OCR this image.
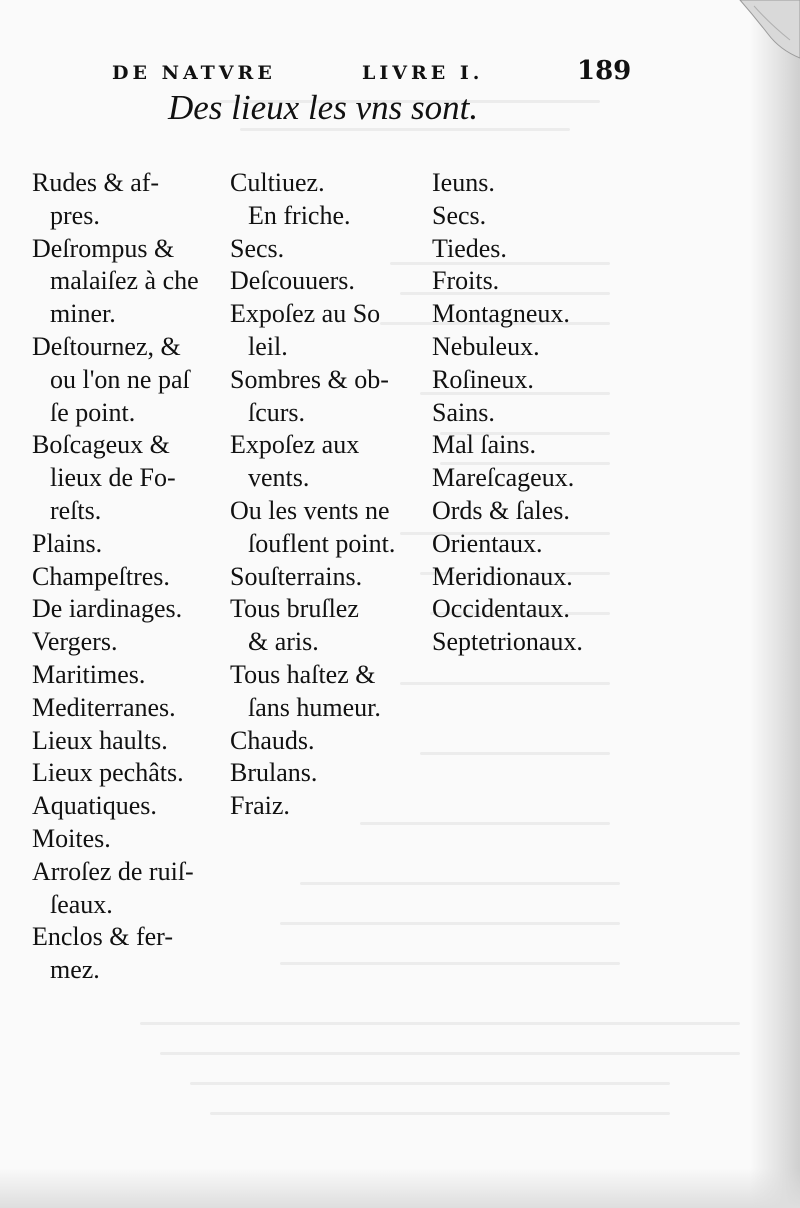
DE NATVRE	LIVRE I.	189
Des lieux les vns sont.
Rudes & af-
pres.
Deſrompus &
malaiſez à che
miner.
Deſtournez, &
ou l'on ne paſ
ſe point.
Boſcageux &
lieux de Fo-
reſts.
Plains.
Champeſtres.
De iardinages.
Vergers.
Maritimes.
Mediterranes.
Lieux haults.
Lieux pechâts.
Aquatiques.
Moites.
Arroſez de ruiſ-
ſeaux.
Enclos & fer-
mez.
Cultiuez.
En friche.
Secs.
Deſcouuers.
Expoſez au So
leil.
Sombres & ob-
ſcurs.
Expoſez aux
vents.
Ou les vents ne
ſouflent point.
Souſterrains.
Tous bruſlez
& aris.
Tous haſtez &
ſans humeur.
Chauds.
Brulans.
Fraiz.
Ieuns.
Secs.
Tiedes.
Froits.
Montagneux.
Nebuleux.
Roſineux.
Sains.
Mal ſains.
Mareſcageux.
Ords & ſales.
Orientaux.
Meridionaux.
Occidentaux.
Septetrionaux.
